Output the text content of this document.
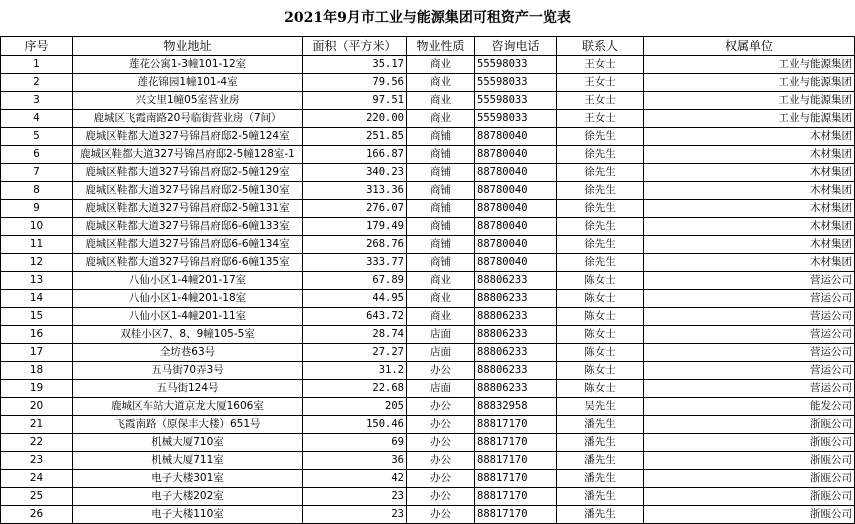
2021年9月市工业与能源集团可租资产一览表
序号	物业地址	面积（平方米）	物业性质	咨询电话	联系人	权属单位
1	莲花公寓1-3幢101-12室	35.17	商业	55598033	王女士	工业与能源集团
2	莲花锦园1幢101-4室	79.56	商业	55598033	王女士	工业与能源集团
3	兴文里1幢05室营业房	97.51	商业	55598033	王女士	工业与能源集团
4	鹿城区飞霞南路20号临街营业房（7间）	220.00	商业	55598033	王女士	工业与能源集团
5	鹿城区鞋都大道327号锦昌府邸2-5幢124室	251.85	商铺	88780040	徐先生	木材集团
6	鹿城区鞋都大道327号锦昌府邸2-5幢128室-1	166.87	商铺	88780040	徐先生	木材集团
7	鹿城区鞋都大道327号锦昌府邸2-5幢129室	340.23	商铺	88780040	徐先生	木材集团
8	鹿城区鞋都大道327号锦昌府邸2-5幢130室	313.36	商铺	88780040	徐先生	木材集团
9	鹿城区鞋都大道327号锦昌府邸2-5幢131室	276.07	商铺	88780040	徐先生	木材集团
10	鹿城区鞋都大道327号锦昌府邸6-6幢133室	179.49	商铺	88780040	徐先生	木材集团
11	鹿城区鞋都大道327号锦昌府邸6-6幢134室	268.76	商铺	88780040	徐先生	木材集团
12	鹿城区鞋都大道327号锦昌府邸6-6幢135室	333.77	商铺	88780040	徐先生	木材集团
13	八仙小区1-4幢201-17室	67.89	商业	88806233	陈女士	营运公司
14	八仙小区1-4幢201-18室	44.95	商业	88806233	陈女士	营运公司
15	八仙小区1-4幢201-11室	643.72	商业	88806233	陈女士	营运公司
16	双桂小区7、8、9幢105-5室	28.74	店面	88806233	陈女士	营运公司
17	全坊巷63号	27.27	店面	88806233	陈女士	营运公司
18	五马街70弄3号	31.2	办公	88806233	陈女士	营运公司
19	五马街124号	22.68	店面	88806233	陈女士	营运公司
20	鹿城区车站大道京龙大厦1606室	205	办公	88832958	吴先生	能发公司
21	飞霞南路（原保丰大楼）651号	150.46	办公	88817170	潘先生	浙瓯公司
22	机械大厦710室	69	办公	88817170	潘先生	浙瓯公司
23	机械大厦711室	36	办公	88817170	潘先生	浙瓯公司
24	电子大楼301室	42	办公	88817170	潘先生	浙瓯公司
25	电子大楼202室	23	办公	88817170	潘先生	浙瓯公司
26	电子大楼110室	23	办公	88817170	潘先生	浙瓯公司
